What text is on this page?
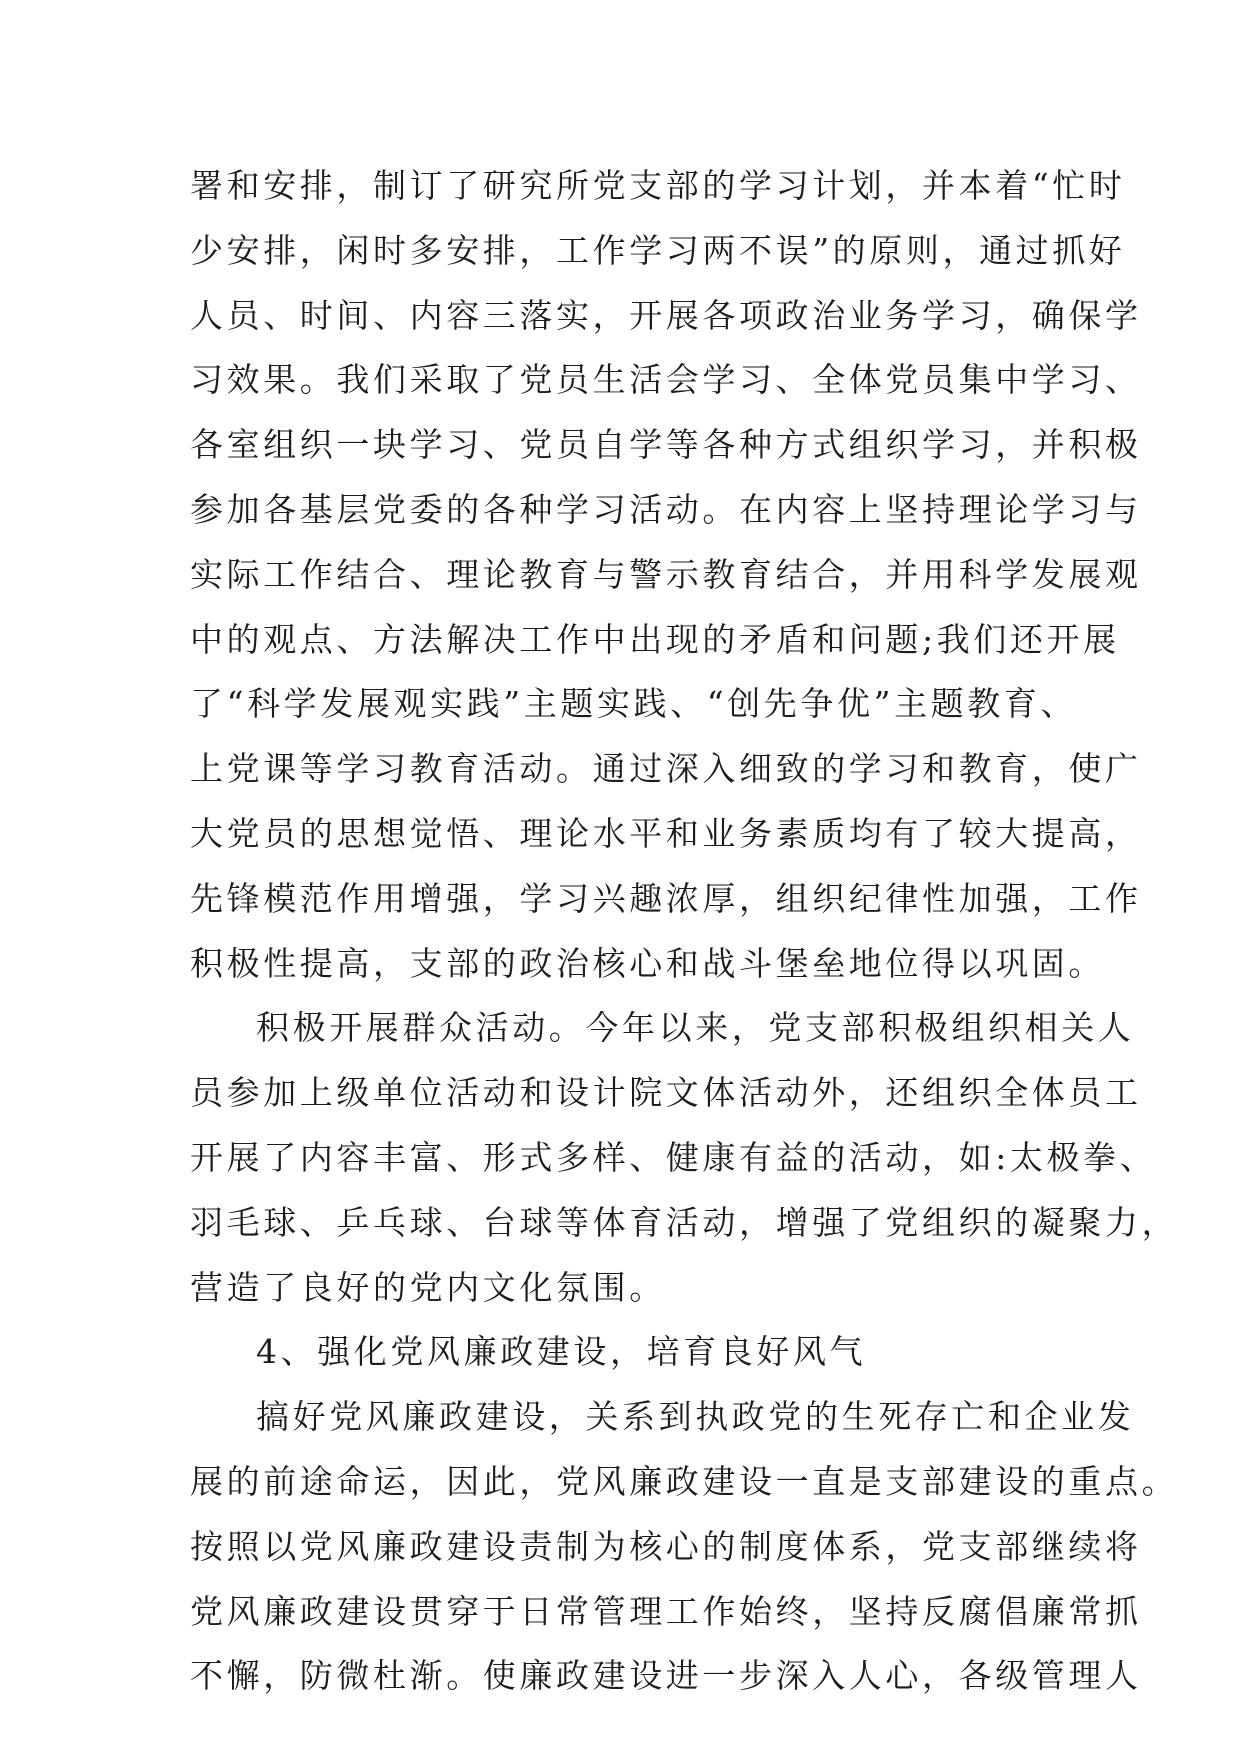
署和安排，制订了研究所党支部的学习计划，并本着“忙时
少安排，闲时多安排，工作学习两不误”的原则，通过抓好
人员、时间、内容三落实，开展各项政治业务学习，确保学
习效果。我们采取了党员生活会学习、全体党员集中学习、
各室组织一块学习、党员自学等各种方式组织学习，并积极
参加各基层党委的各种学习活动。在内容上坚持理论学习与
实际工作结合、理论教育与警示教育结合，并用科学发展观
中的观点、方法解决工作中出现的矛盾和问题;我们还开展
了“科学发展观实践”主题实践、“创先争优”主题教育、
上党课等学习教育活动。通过深入细致的学习和教育，使广
大党员的思想觉悟、理论水平和业务素质均有了较大提高，
先锋模范作用增强，学习兴趣浓厚，组织纪律性加强，工作
积极性提高，支部的政治核心和战斗堡垒地位得以巩固。
积极开展群众活动。今年以来，党支部积极组织相关人
员参加上级单位活动和设计院文体活动外，还组织全体员工
开展了内容丰富、形式多样、健康有益的活动，如:太极拳、
羽毛球、乒乓球、台球等体育活动，增强了党组织的凝聚力，
营造了良好的党内文化氛围。
4、强化党风廉政建设，培育良好风气
搞好党风廉政建设，关系到执政党的生死存亡和企业发
展的前途命运，因此，党风廉政建设一直是支部建设的重点。
按照以党风廉政建设责制为核心的制度体系，党支部继续将
党风廉政建设贯穿于日常管理工作始终，坚持反腐倡廉常抓
不懈，防微杜渐。使廉政建设进一步深入人心，各级管理人
